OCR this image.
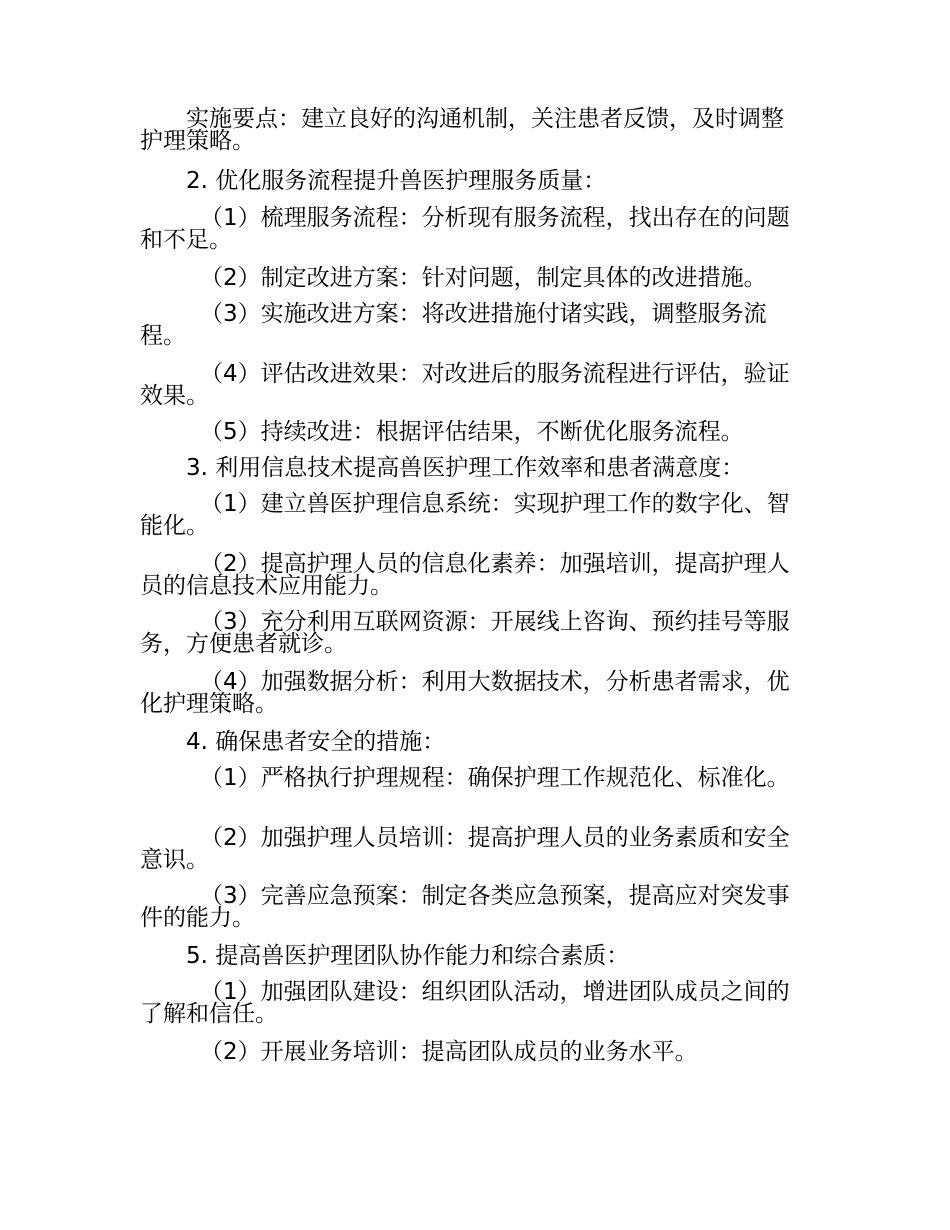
实施要点：建立良好的沟通机制，关注患者反馈，及时调整护理策略。
2. 优化服务流程提升兽医护理服务质量：
（1）梳理服务流程：分析现有服务流程，找出存在的问题和不足。
（2）制定改进方案：针对问题，制定具体的改进措施。
（3）实施改进方案：将改进措施付诸实践，调整服务流程。
（4）评估改进效果：对改进后的服务流程进行评估，验证效果。
（5）持续改进：根据评估结果，不断优化服务流程。
3. 利用信息技术提高兽医护理工作效率和患者满意度：
（1）建立兽医护理信息系统：实现护理工作的数字化、智能化。
（2）提高护理人员的信息化素养：加强培训，提高护理人员的信息技术应用能力。
（3）充分利用互联网资源：开展线上咨询、预约挂号等服务，方便患者就诊。
（4）加强数据分析：利用大数据技术，分析患者需求，优化护理策略。
4. 确保患者安全的措施：
（1）严格执行护理规程：确保护理工作规范化、标准化。
（2）加强护理人员培训：提高护理人员的业务素质和安全意识。
（3）完善应急预案：制定各类应急预案，提高应对突发事件的能力。
5. 提高兽医护理团队协作能力和综合素质：
（1）加强团队建设：组织团队活动，增进团队成员之间的了解和信任。
（2）开展业务培训：提高团队成员的业务水平。
